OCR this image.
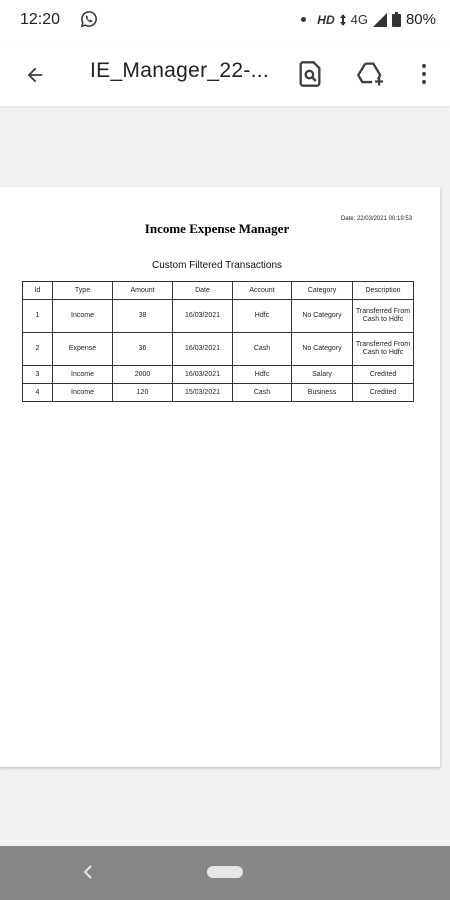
12:20	HD 4G	80%
IE_Manager_22-...
Date: 22/03/2021 00:19:53
Income Expense Manager
Custom Filtered Transactions
Id	Type	Amount	Date	Account	Category	Description
1	Income	38	16/03/2021	Hdfc	No Category	Transferred From Cash to Hdfc
2	Expense	36	16/03/2021	Cash	No Category	Transferred From Cash to Hdfc
3	Income	2000	16/03/2021	Hdfc	Salary	Credited
4	Income	120	15/03/2021	Cash	Business	Credited
